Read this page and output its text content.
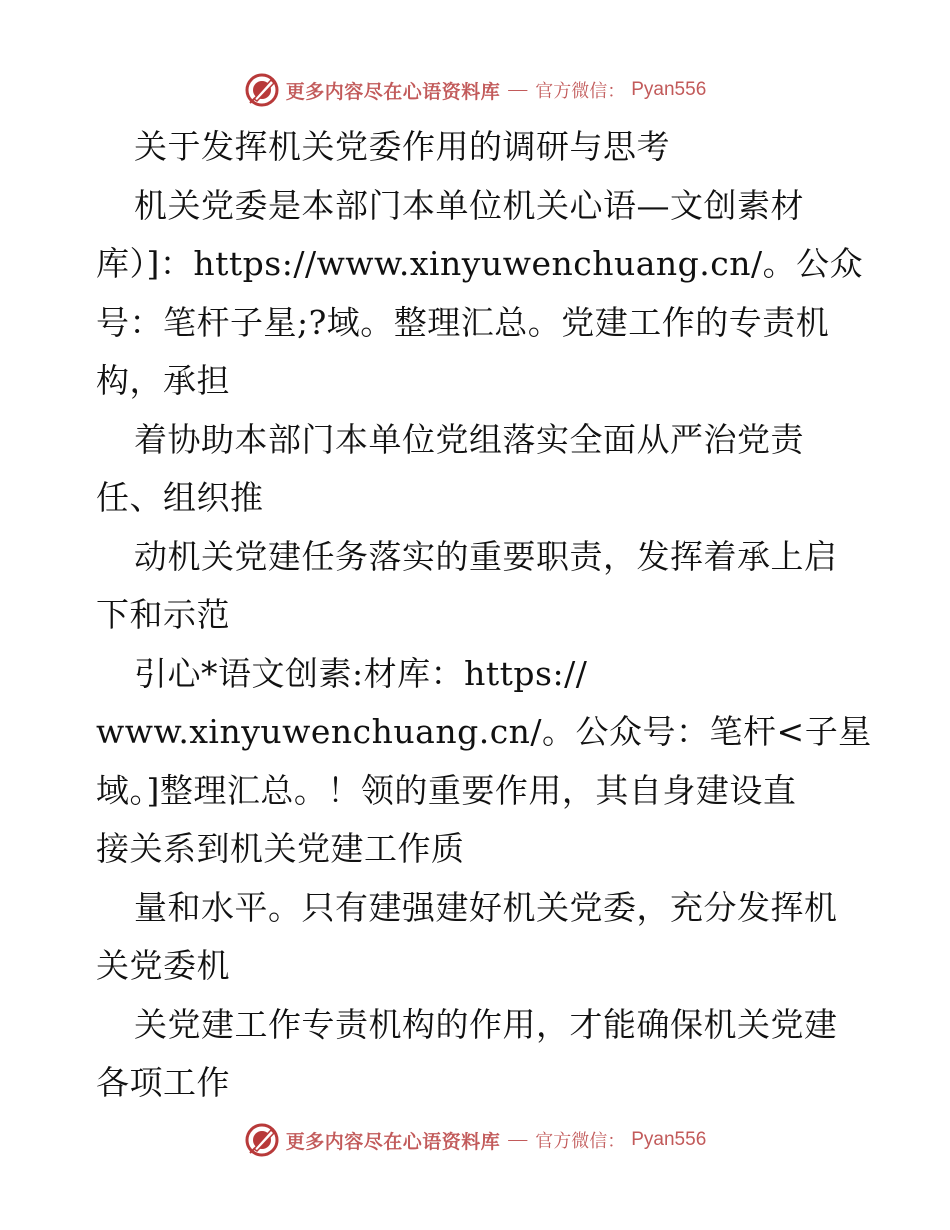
更多内容尽在心语资料库 — 官方微信： Pyan556
关于发挥机关党委作用的调研与思考
机关党委是本部门本单位机关心语—文创素材
库）]：https://www.xinyuwenchuang.cn/。公众
号：笔杆子星;?域。整理汇总。党建工作的专责机
构，承担
着协助本部门本单位党组落实全面从严治党责
任、组织推
动机关党建任务落实的重要职责，发挥着承上启
下和示范
引心*语文创素:材库：https://
www.xinyuwenchuang.cn/。公众号：笔杆<子星
域。]整理汇总。！领的重要作用，其自身建设直
接关系到机关党建工作质
量和水平。只有建强建好机关党委，充分发挥机
关党委机
关党建工作专责机构的作用，才能确保机关党建
各项工作
更多内容尽在心语资料库 — 官方微信： Pyan556
